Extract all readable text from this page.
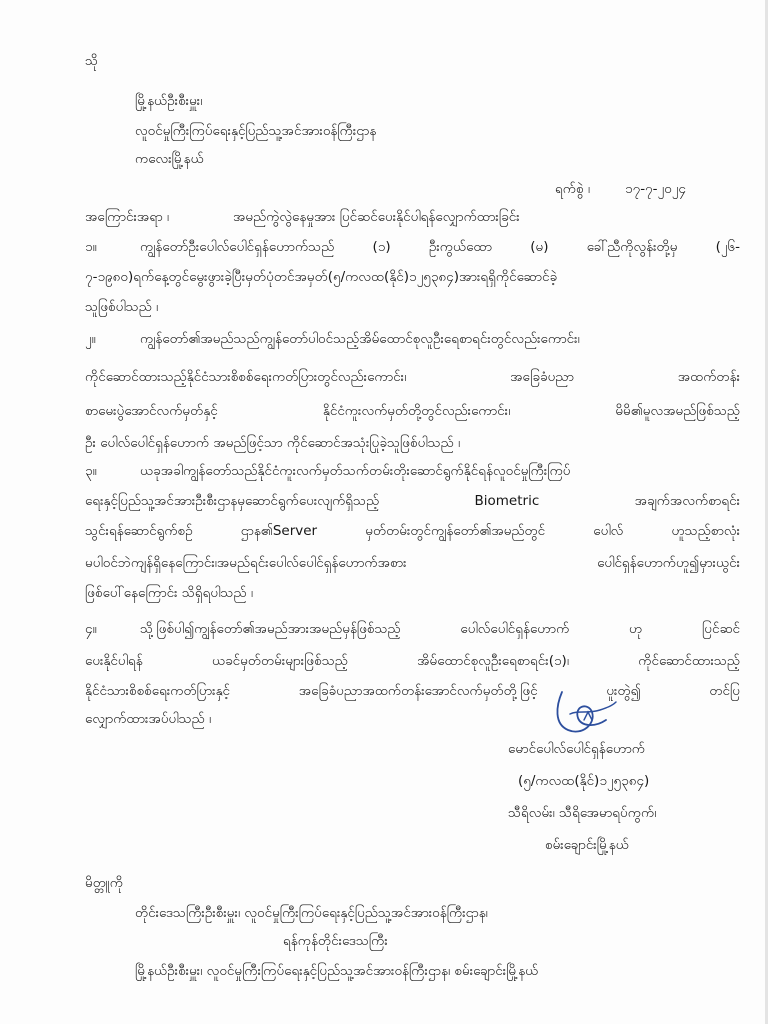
သို
မြို့နယ်ဦးစီးမှူး၊
လူဝင်မှုကြီးကြပ်ရေးနှင့်ပြည်သူ့အင်အားဝန်ကြီးဌာန
ကလေးမြို့နယ်
ရက်စွဲ ၊	၁၇-၇-၂၀၂၄
အကြောင်းအရာ ၊	အမည်ကွဲလွဲနေမှုအား ပြင်ဆင်ပေးနိုင်ပါရန်လျှောက်ထားခြင်း
၁။	ကျွန်တော်ဦးပေါလ်ပေါင်ရှန်ဟောက်သည် (၁) ဦးကွယ်ထော (မ) ခေါ်ညီကိုလွန်းတို့မှ (၂၆-
၇-၁၉၈၀)ရက်နေ့တွင်မွေးဖွားခဲ့ပြီးမှတ်ပုံတင်အမှတ်(၅/ကလထ(နိုင်)၁၂၅၃၈၄)အားရရှိကိုင်ဆောင်ခဲ့
သူဖြစ်ပါသည် ၊
၂။	ကျွန်တော်၏အမည်သည်ကျွန်တော်ပါဝင်သည့်အိမ်ထောင်စုလူဦးရေစာရင်းတွင်လည်းကောင်း၊
ကိုင်ဆောင်ထားသည့်နိုင်ငံသားစိစစ်ရေးကတ်ပြားတွင်လည်းကောင်း၊ အခြေခံပညာ အထက်တန်း
စာမေးပွဲအောင်လက်မှတ်နှင့် နိုင်ငံကူးလက်မှတ်တို့တွင်လည်းကောင်း၊ မိမိ၏မူလအမည်ဖြစ်သည့်
ဦး ပေါလ်ပေါင်ရှန်ဟောက် အမည်ဖြင့်သာ ကိုင်ဆောင်အသုံးပြုခဲ့သူဖြစ်ပါသည် ၊
၃။	ယခုအခါကျွန်တော်သည်နိုင်ငံကူးလက်မှတ်သက်တမ်းတိုးဆောင်ရွက်နိုင်ရန်လူဝင်မှုကြီးကြပ်
ရေးနှင့်ပြည်သူ့အင်အားဦးစီးဌာနမှဆောင်ရွက်ပေးလျက်ရှိသည့် Biometric အချက်အလက်စာရင်း
သွင်းရန်ဆောင်ရွက်စဉ် ဌာန၏Server မှတ်တမ်းတွင်ကျွန်တော်၏အမည်တွင် ပေါလ် ဟူသည့်စာလုံး
မပါဝင်ဘဲကျန်ရှိနေကြောင်း၊အမည်ရင်းပေါလ်ပေါင်ရှန်ဟောက်အစား ပေါင်ရှန်ဟောက်ဟူ၍မှားယွင်း
ဖြစ်ပေါ်နေကြောင်း သိရှိရပါသည် ၊
၄။	သို့ဖြစ်ပါ၍ကျွန်တော်၏အမည်အားအမည်မှန်ဖြစ်သည့် ပေါလ်ပေါင်ရှန်ဟောက် ဟု ပြင်ဆင်
ပေးနိုင်ပါရန် ယခင်မှတ်တမ်းများဖြစ်သည့် အိမ်ထောင်စုလူဦးရေစာရင်း(၁)၊ ကိုင်ဆောင်ထားသည့်
နိုင်ငံသားစိစစ်ရေးကတ်ပြားနှင့် အခြေခံပညာအထက်တန်းအောင်လက်မှတ်တို့ဖြင့် ပူးတွဲ၍ တင်ပြ
လျှောက်ထားအပ်ပါသည် ၊
မောင်ပေါလ်ပေါင်ရှန်ဟောက်
(၅/ကလထ(နိုင်)၁၂၅၃၈၄)
သီရိလမ်း၊ သီရိအေမာရပ်ကွက်၊
စမ်းချောင်းမြို့နယ်
မိတ္တူကို
တိုင်းဒေသကြီးဦးစီးမှူး၊ လူဝင်မှုကြီးကြပ်ရေးနှင့်ပြည်သူ့အင်အားဝန်ကြီးဌာန၊
ရန်ကုန်တိုင်းဒေသကြီး
မြို့နယ်ဦးစီးမှူး၊ လူဝင်မှုကြီးကြပ်ရေးနှင့်ပြည်သူ့အင်အားဝန်ကြီးဌာန၊ စမ်းချောင်းမြို့နယ်
